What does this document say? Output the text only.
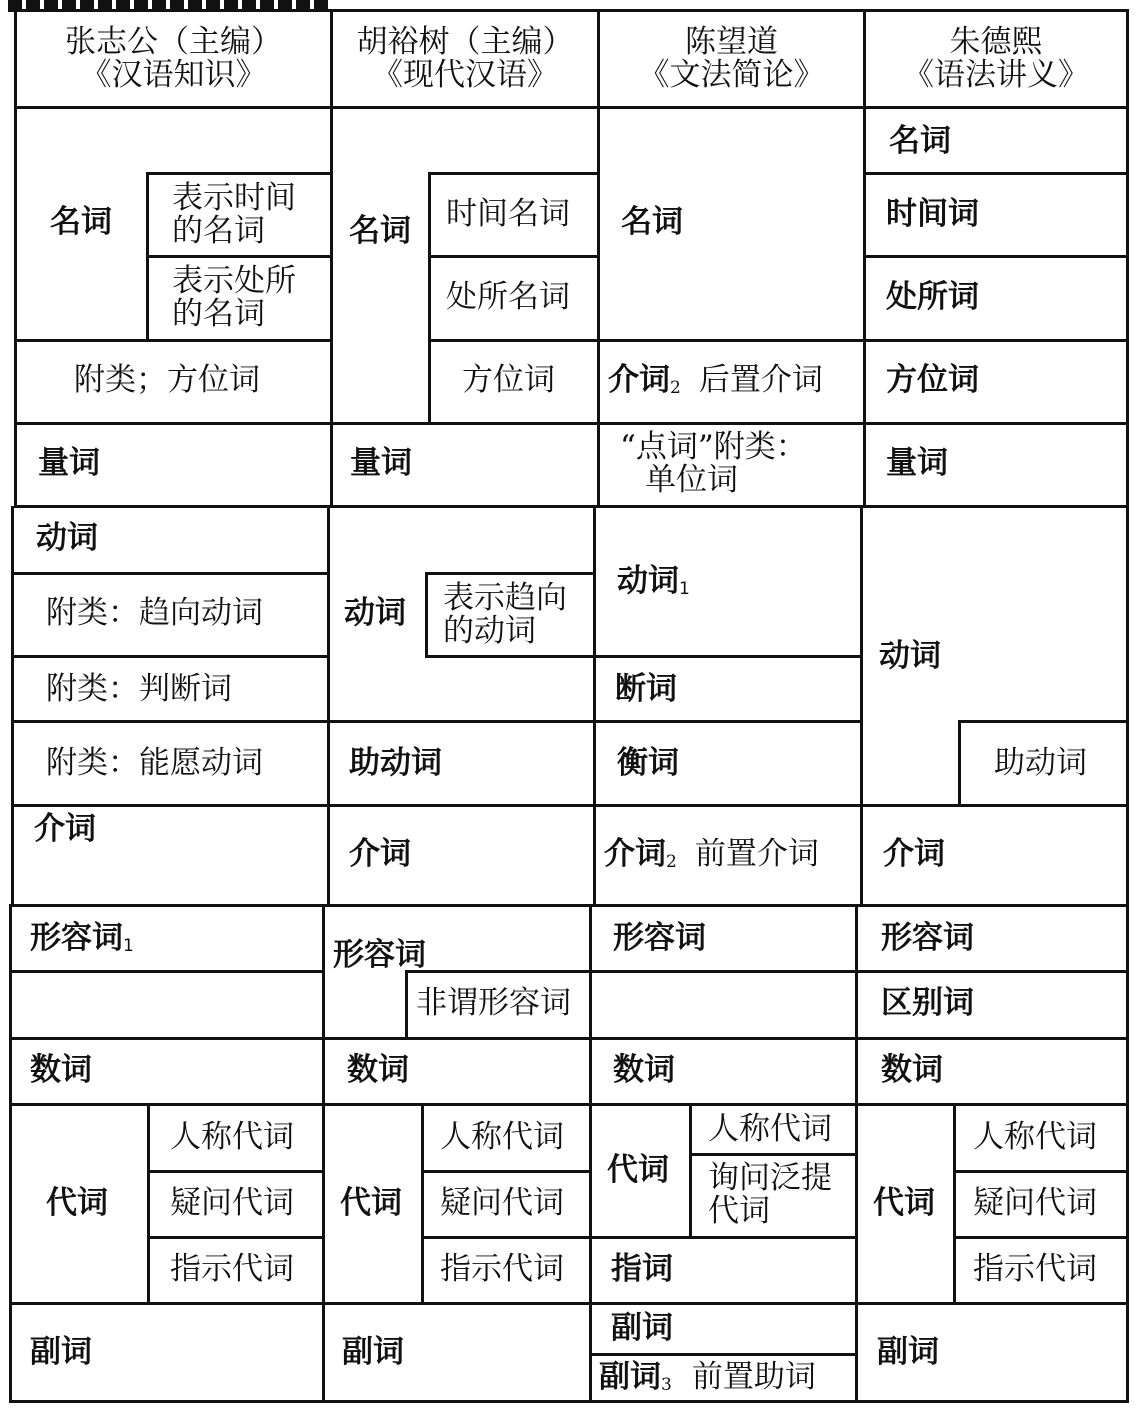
张志公（主编）
《汉语知识》
胡裕树（主编）
《现代汉语》
陈望道
《文法简论》
朱德熙
《语法讲义》
名词
表示时间
的名词
表示处所
的名词
附类；方位词
量词
动词
附类：趋向动词
附类：判断词
附类：能愿动词
介词
形容词$_1$
数词
代词
人称代词
疑问代词
指示代词
副词
名词 时间名词
处所名词
方位词
量词
动词 表示趋向
的动词
助动词
介词
形容词
非谓形容词
数词
代词
人称代词
疑问代词
指示代词
副词
名词
介词$_2$ 后置介词
“点词”附类：
单位词
动词$_1$
断词
衡词
介词$_2$ 前置介词
形容词
数词
代词
人称代词
询问泛提
代词
指词
副词
副词$_3$ 前置助词
名词
时间词
处所词
方位词
量词
动词
助动词
介词
形容词
区别词
数词
代词
人称代词
疑问代词
指示代词
副词
